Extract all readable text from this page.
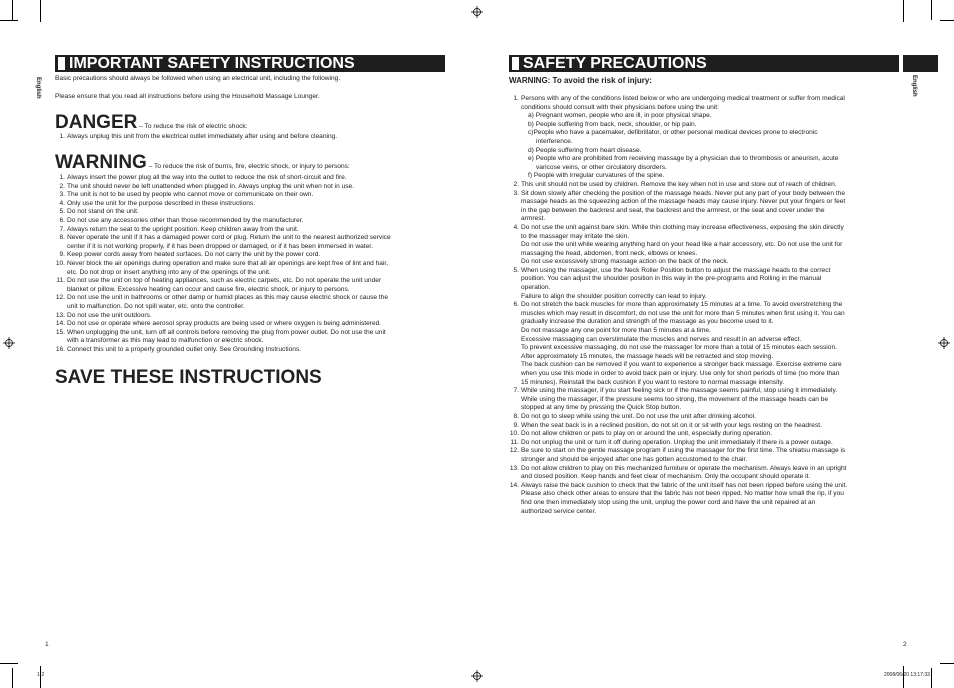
English
IMPORTANT SAFETY INSTRUCTIONS
Basic precautions should always be followed when using an electrical unit, including the following.
Please ensure that you read all instructions before using the Household Massage Lounger.
DANGER – To reduce the risk of electric shock:
1. Always unplug this unit from the electrical outlet immediately after using and before cleaning.
WARNING – To reduce the risk of burns, fire, electric shock, or injury to persons:
1. Always insert the power plug all the way into the outlet to reduce the risk of short-circuit and fire.
2. The unit should never be left unattended when plugged in. Always unplug the unit when not in use.
3. The unit is not to be used by people who cannot move or communicate on their own.
4. Only use the unit for the purpose described in these instructions.
5. Do not stand on the unit.
6. Do not use any accessories other than those recommended by the manufacturer.
7. Always return the seat to the upright position. Keep children away from the unit.
8. Never operate the unit if it has a damaged power cord or plug. Return the unit to the nearest authorized service
center if it is not working properly, if it has been dropped or damaged, or if it has been immersed in water.
9. Keep power cords away from heated surfaces. Do not carry the unit by the power cord.
10. Never block the air openings during operation and make sure that all air openings are kept free of lint and hair,
etc. Do not drop or insert anything into any of the openings of the unit.
11. Do not use the unit on top of heating appliances, such as electric carpets, etc. Do not operate the unit under
blanket or pillow. Excessive heating can occur and cause fire, electric shock, or injury to persons.
12. Do not use the unit in bathrooms or other damp or humid places as this may cause electric shock or cause the
unit to malfunction. Do not spill water, etc. onto the controller.
13. Do not use the unit outdoors.
14. Do not use or operate where aerosol spray products are being used or where oxygen is being administered.
15. When unplugging the unit, turn off all controls before removing the plug from power outlet. Do not use the unit
with a transformer as this may lead to malfunction or electric shock.
16. Connect this unit to a properly grounded outlet only. See Grounding Instructions.
SAVE THESE INSTRUCTIONS
1
1-2
English
SAFETY PRECAUTIONS
WARNING: To avoid the risk of injury:
1. Persons with any of the conditions listed below or who are undergoing medical treatment or suffer from medical
conditions should consult with their physicians before using the unit:
a) Pregnant women, people who are ill, in poor physical shape.
b) People suffering from back, neck, shoulder, or hip pain.
c)People who have a pacemaker, defibrillator, or other personal medical devices prone to electronic
interference.
d) People suffering from heart disease.
e) People who are prohibited from receiving massage by a physician due to thrombosis or aneurism, acute
varicose veins, or other circulatory disorders.
f) People with irregular curvatures of the spine.
2. This unit should not be used by children. Remove the key when not in use and store out of reach of children.
3. Sit down slowly after checking the position of the massage heads. Never put any part of your body between the
massage heads as the squeezing action of the massage heads may cause injury. Never put your fingers or feet
in the gap between the backrest and seat, the backrest and the armrest, or the seat and cover under the
armrest.
4. Do not use the unit against bare skin. While thin clothing may increase effectiveness, exposing the skin directly
to the massager may irritate the skin.
Do not use the unit while wearing anything hard on your head like a hair accessory, etc. Do not use the unit for
massaging the head, abdomen, front neck, elbows or knees.
Do not use excessively strong massage action on the back of the neck.
5. When using the massager, use the Neck Roller Position button to adjust the massage heads to the correct
position. You can adjust the shoulder position in this way in the pre-programs and Rolling in the manual
operation.
Failure to align the shoulder position correctly can lead to injury.
6. Do not stretch the back muscles for more than approximately 15 minutes at a time. To avoid overstretching the
muscles which may result in discomfort, do not use the unit for more than 5 minutes when first using it. You can
gradually increase the duration and strength of the massage as you become used to it.
Do not massage any one point for more than 5 minutes at a time.
Excessive massaging can overstimulate the muscles and nerves and result in an adverse effect.
To prevent excessive massaging, do not use the massager for more than a total of 15 minutes each session.
After approximately 15 minutes, the massage heads will be retracted and stop moving.
The back cushion can be removed if you want to experience a stronger back massage. Exercise extreme care
when you use this mode in order to avoid back pain or injury. Use only for short periods of time (no more than
15 minutes). Reinstall the back cushion if you want to restore to normal massage intensity.
7. While using the massager, if you start feeling sick or if the massage seems painful, stop using it immediately.
While using the massager, if the pressure seems too strong, the movement of the massage heads can be
stopped at any time by pressing the Quick Stop button.
8. Do not go to sleep while using the unit. Do not use the unit after drinking alcohol.
9. When the seat back is in a reclined position, do not sit on it or sit with your legs resting on the headrest.
10. Do not allow children or pets to play on or around the unit, especially during operation.
11. Do not unplug the unit or turn it off during operation. Unplug the unit immediately if there is a power outage.
12. Be sure to start on the gentle massage program if using the massager for the first time. The shiatsu massage is
stronger and should be enjoyed after one has gotten accustomed to the chair.
13. Do not allow children to play on this mechanized furniture or operate the mechanism. Always leave in an upright
and closed position. Keep hands and feet clear of mechanism. Only the occupant should operate it.
14. Always raise the back cushion to check that the fabric of the unit itself has not been ripped before using the unit.
Please also check other areas to ensure that the fabric has not been ripped. No matter how small the rip, if you
find one then immediately stop using the unit, unplug the power cord and have the unit repaired at an
authorized service center.
2
2008/06/20 13:17:33
